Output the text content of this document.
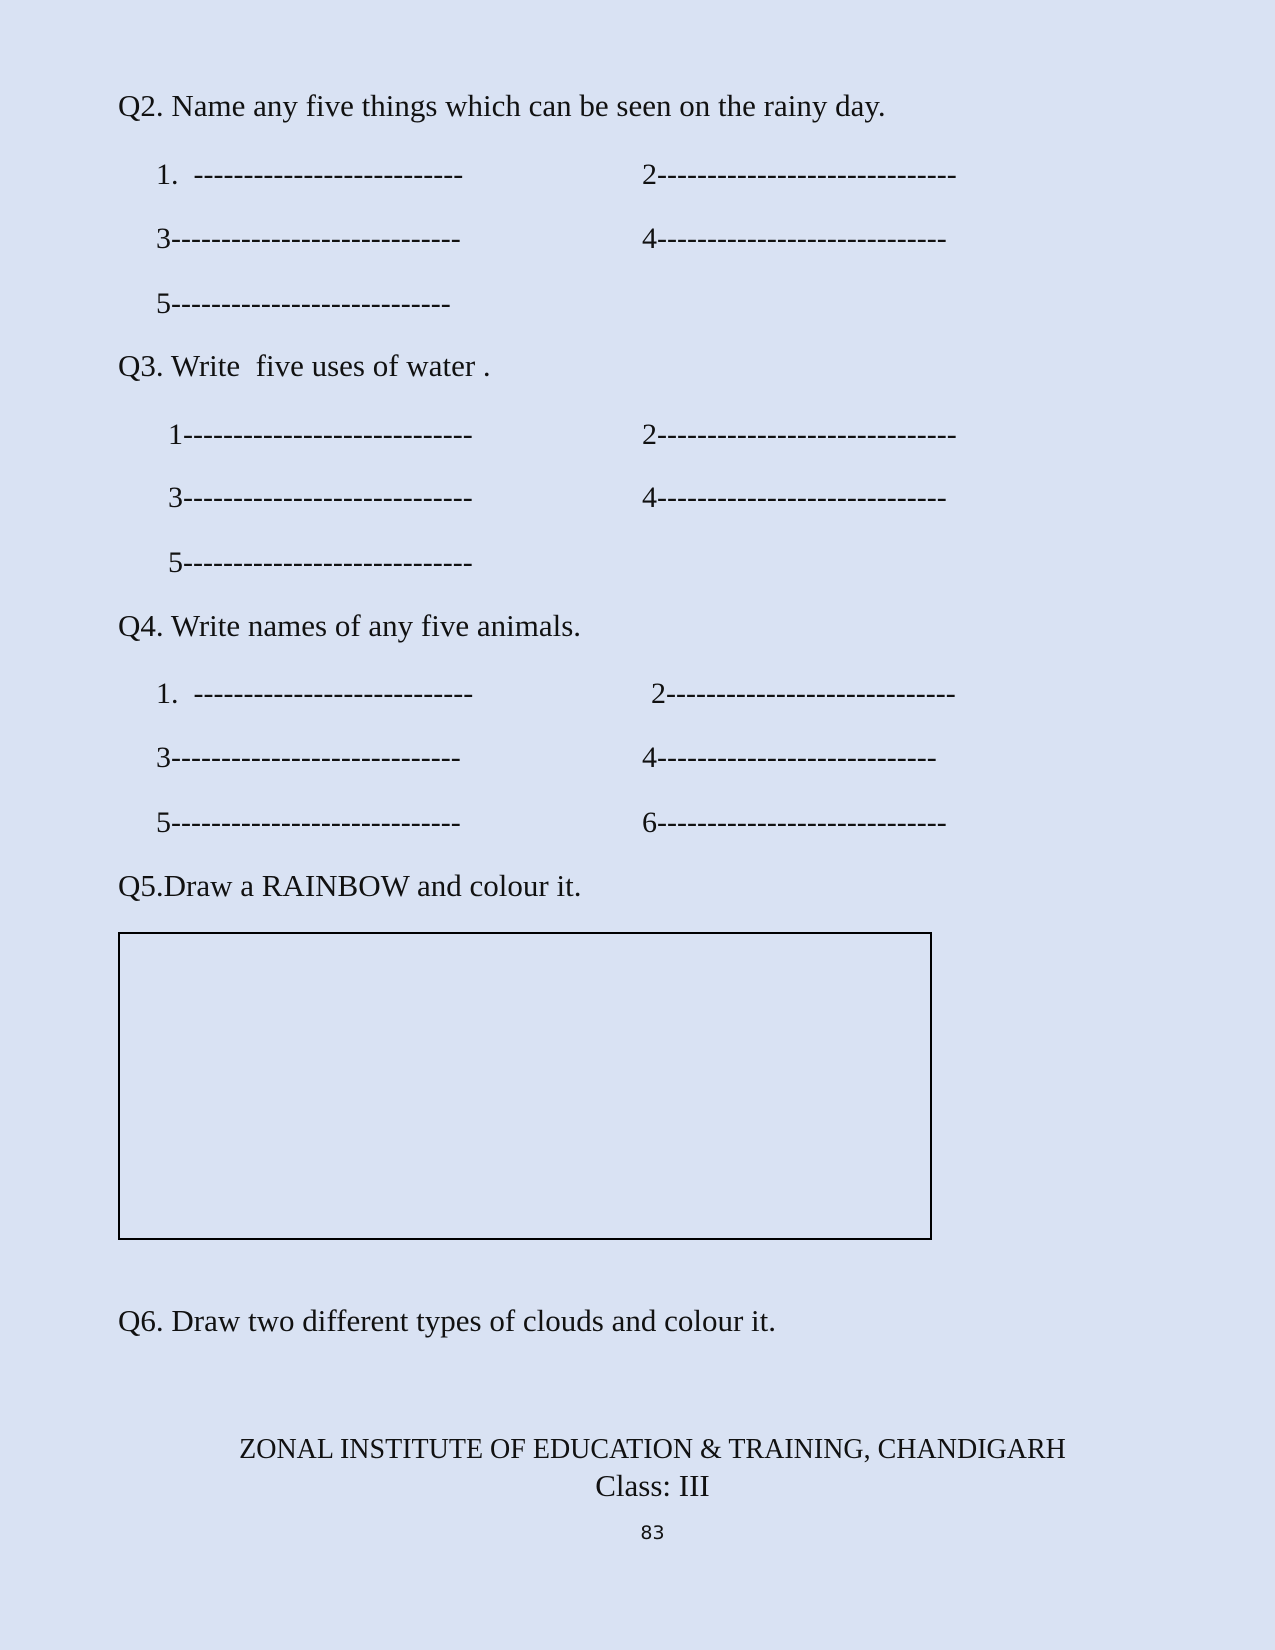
Q2. Name any five things which can be seen on the rainy day.
1.  ---------------------------	2------------------------------
3-----------------------------	4-----------------------------
5----------------------------
Q3. Write  five uses of water .
1-----------------------------	2------------------------------
3-----------------------------	4-----------------------------
5-----------------------------
Q4. Write names of any five animals.
1.  ----------------------------	2-----------------------------
3-----------------------------	4----------------------------
5-----------------------------	6-----------------------------
Q5.Draw a RAINBOW and colour it.
Q6. Draw two different types of clouds and colour it.
ZONAL INSTITUTE OF EDUCATION & TRAINING, CHANDIGARH
Class: III
83
